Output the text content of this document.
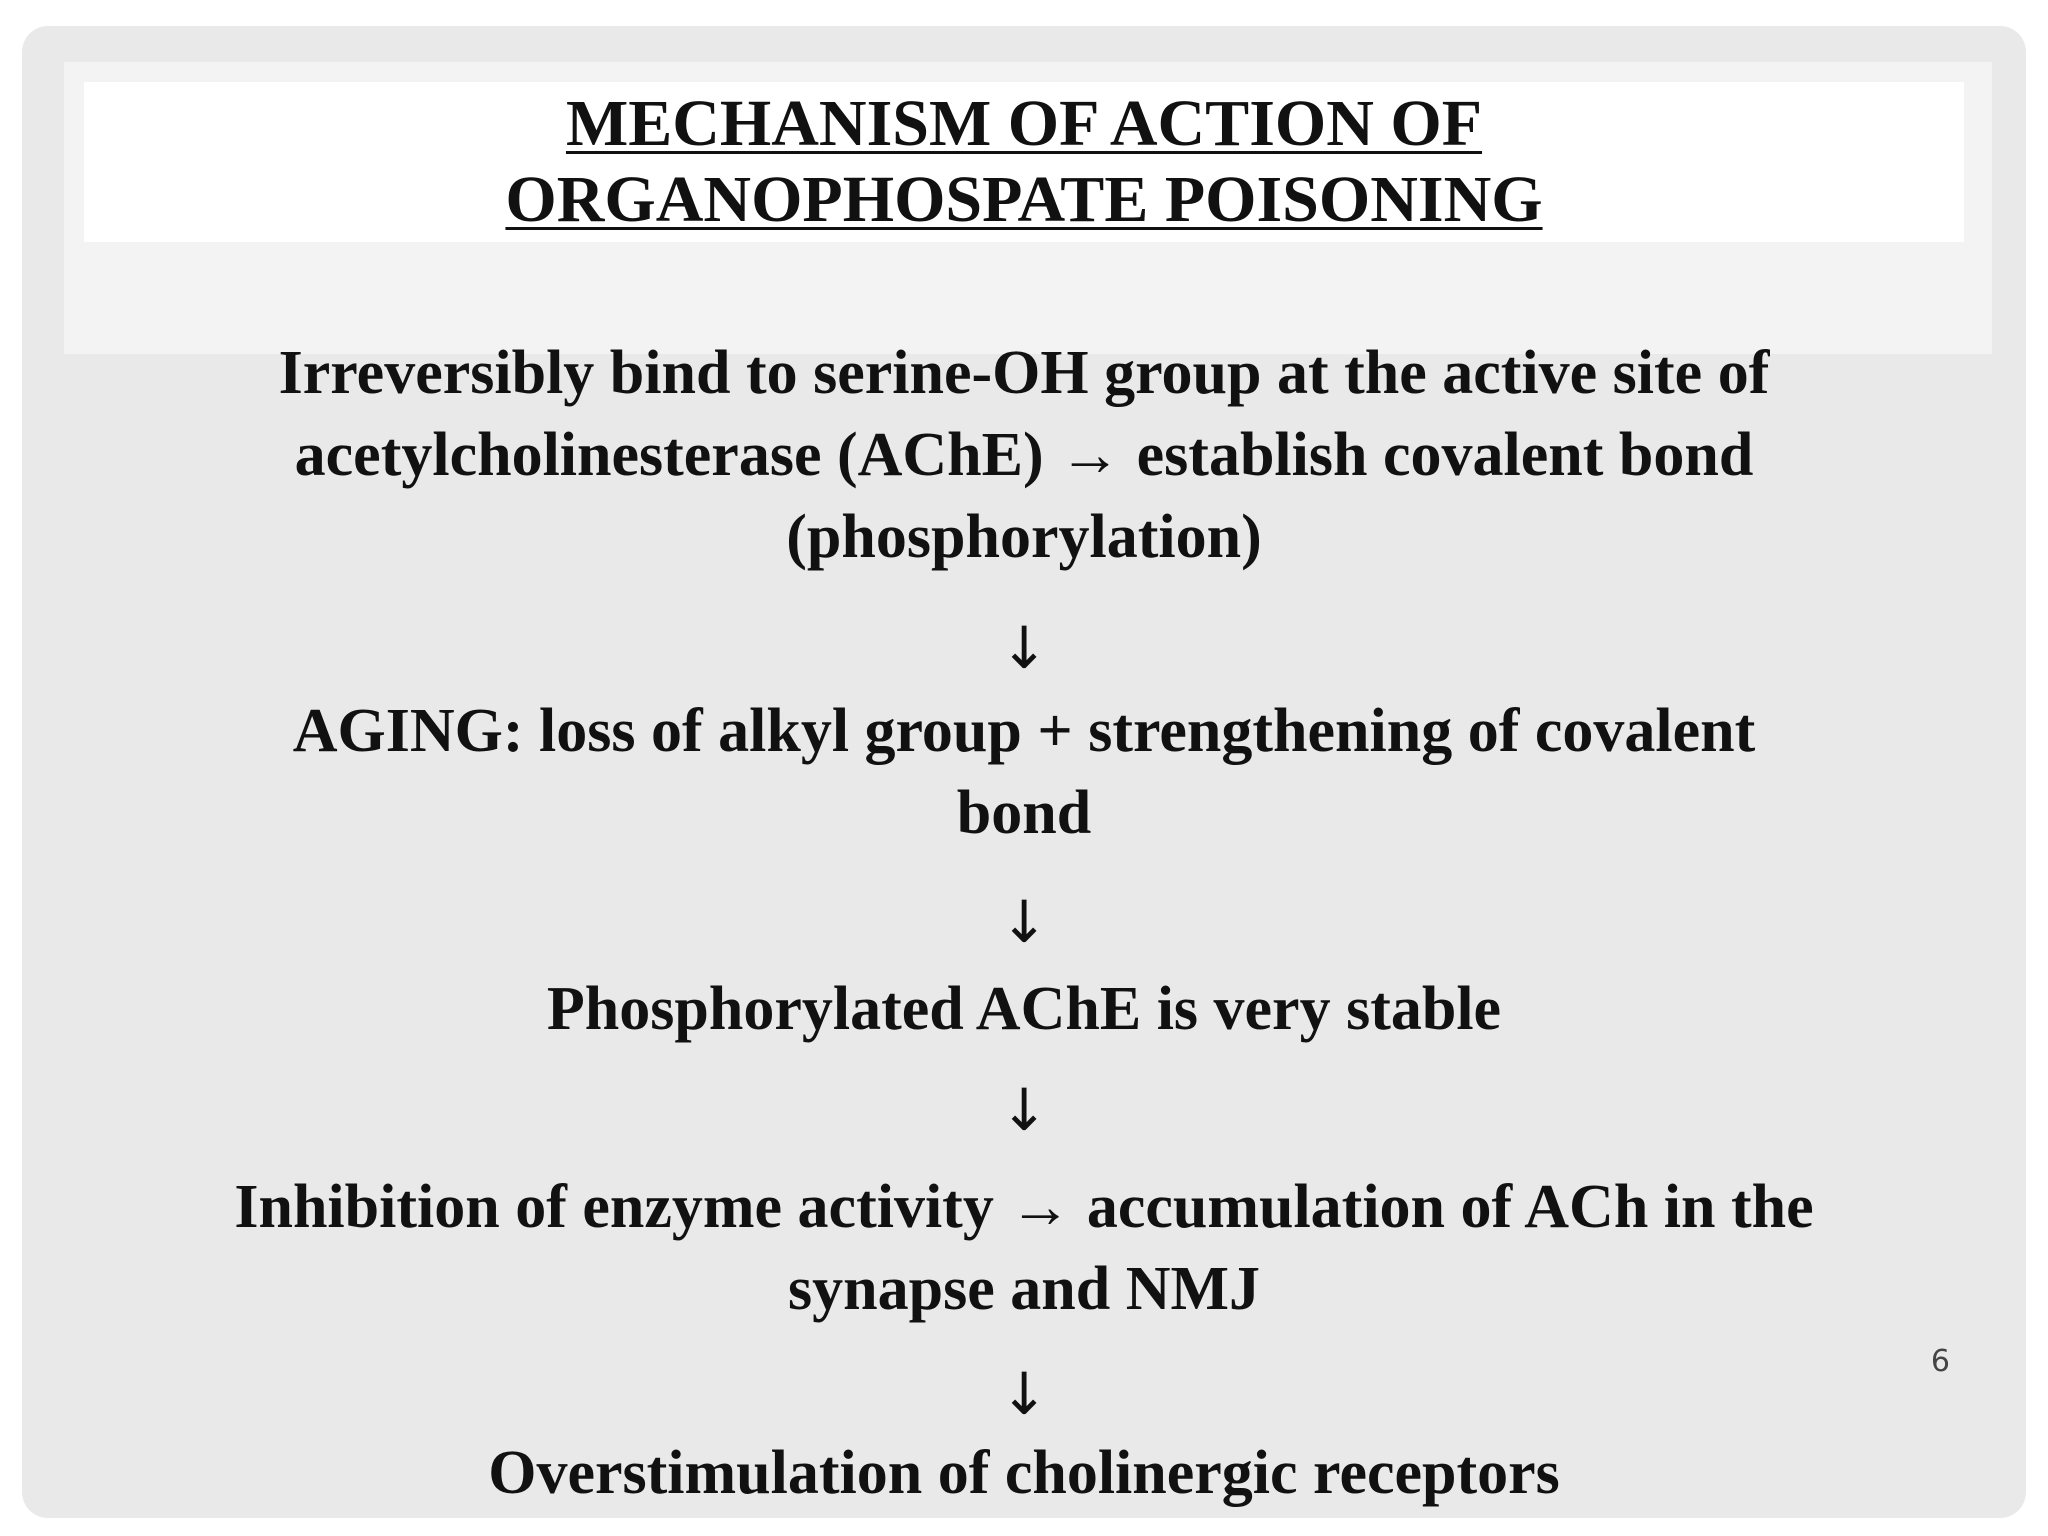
MECHANISM OF ACTION OF
ORGANOPHOSPATE POISONING
Irreversibly bind to serine-OH group at the active site of
acetylcholinesterase (AChE) → establish covalent bond
(phosphorylation)
↓
AGING: loss of alkyl group + strengthening of covalent
bond
↓
Phosphorylated AChE is very stable
↓
Inhibition of enzyme activity → accumulation of ACh in the
synapse and NMJ
↓
Overstimulation of cholinergic receptors
6
